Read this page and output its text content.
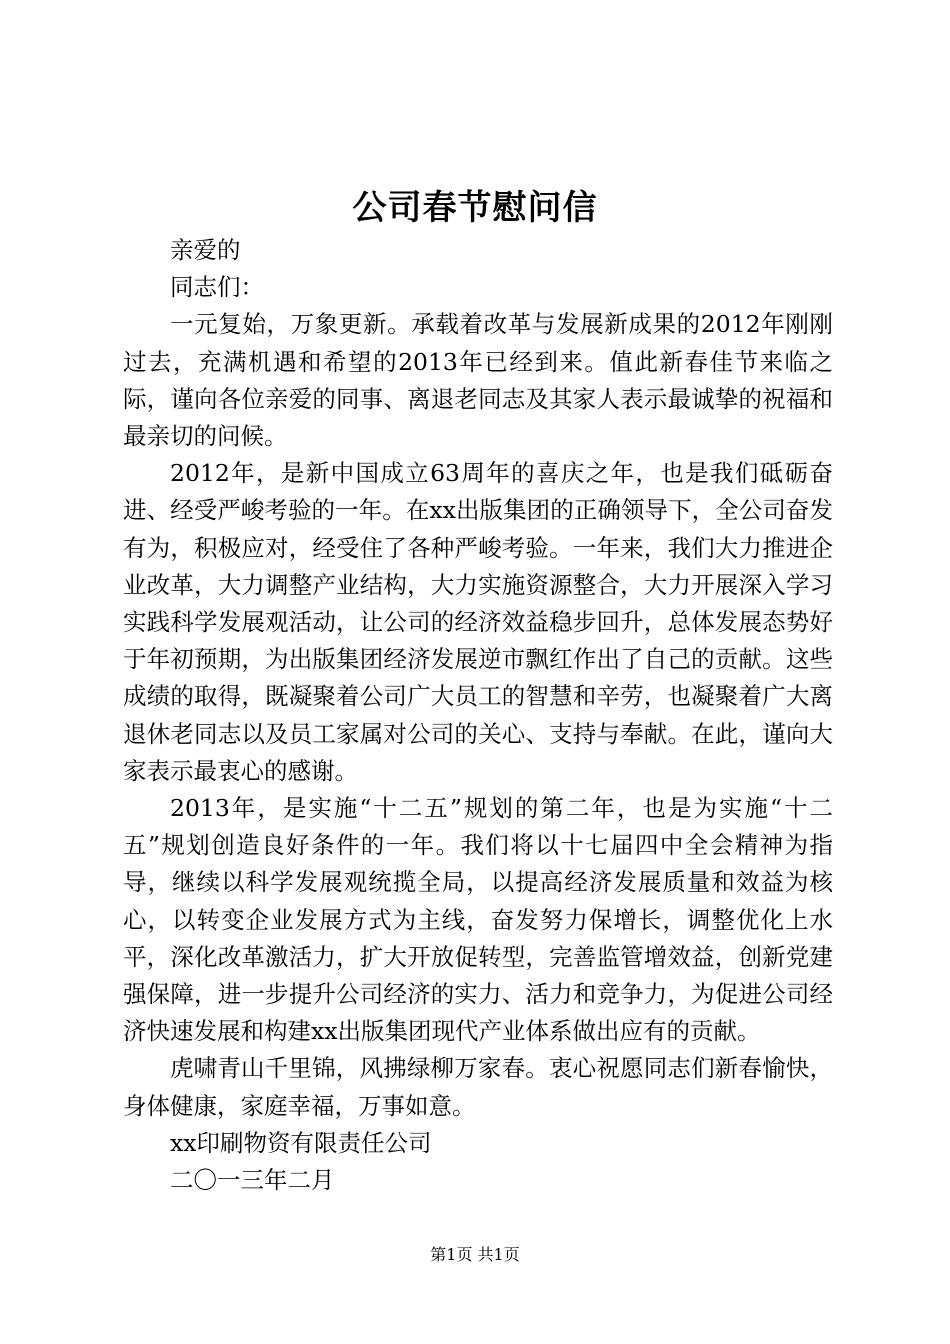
公司春节慰问信

亲爱的

同志们：

一元复始，万象更新。承载着改革与发展新成果的2012年刚刚过去，充满机遇和希望的2013年已经到来。值此新春佳节来临之际，谨向各位亲爱的同事、离退老同志及其家人表示最诚挚的祝福和最亲切的问候。

2012年，是新中国成立63周年的喜庆之年，也是我们砥砺奋进、经受严峻考验的一年。在xx出版集团的正确领导下，全公司奋发有为，积极应对，经受住了各种严峻考验。一年来，我们大力推进企业改革，大力调整产业结构，大力实施资源整合，大力开展深入学习实践科学发展观活动，让公司的经济效益稳步回升，总体发展态势好于年初预期，为出版集团经济发展逆市飘红作出了自己的贡献。这些成绩的取得，既凝聚着公司广大员工的智慧和辛劳，也凝聚着广大离退休老同志以及员工家属对公司的关心、支持与奉献。在此，谨向大家表示最衷心的感谢。

2013年，是实施“十二五”规划的第二年，也是为实施“十二五”规划创造良好条件的一年。我们将以十七届四中全会精神为指导，继续以科学发展观统揽全局，以提高经济发展质量和效益为核心，以转变企业发展方式为主线，奋发努力保增长，调整优化上水平，深化改革激活力，扩大开放促转型，完善监管增效益，创新党建强保障，进一步提升公司经济的实力、活力和竞争力，为促进公司经济快速发展和构建xx出版集团现代产业体系做出应有的贡献。

虎啸青山千里锦，风拂绿柳万家春。衷心祝愿同志们新春愉快，身体健康，家庭幸福，万事如意。

xx印刷物资有限责任公司

二〇一三年二月

第1页 共1页
